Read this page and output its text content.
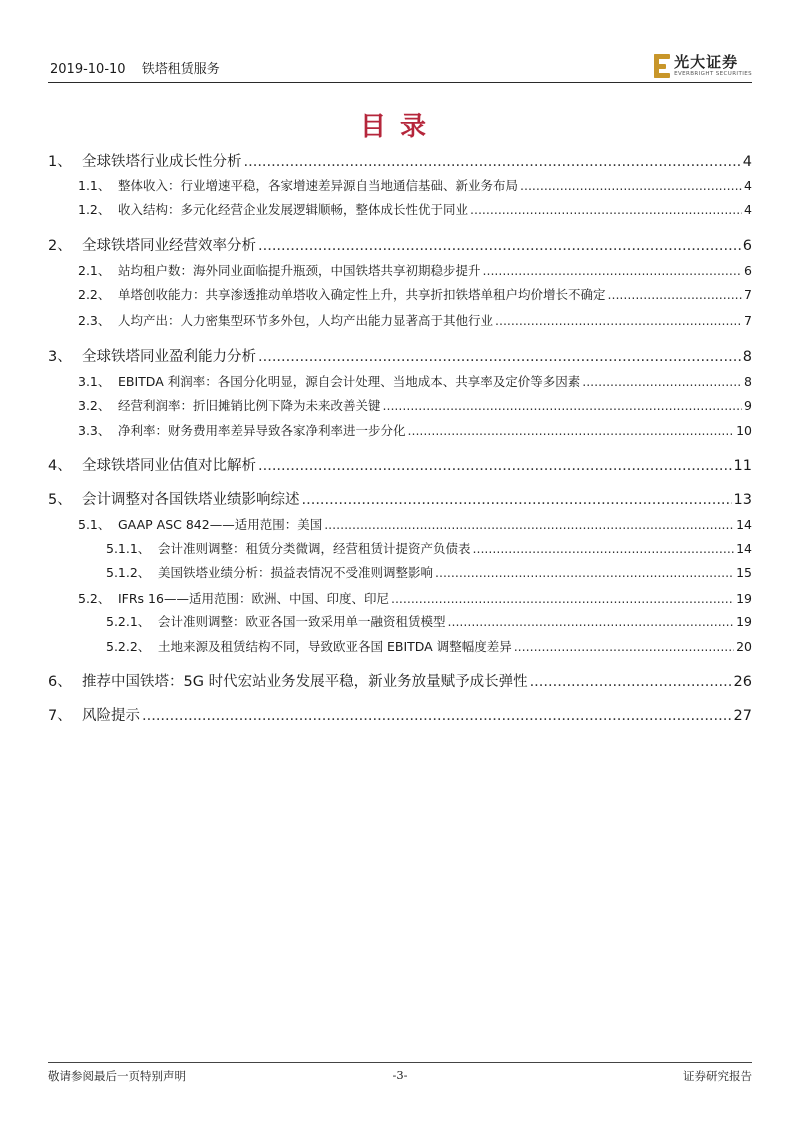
2019-10-10 铁塔租赁服务	光大证券
EVERBRIGHT SECURITIES
目录
1、 全球铁塔行业成长性分析 .....	4
1.1、 整体收入：行业增速平稳，各家增速差异源自当地通信基础、新业务布局 .....	4
1.2、 收入结构：多元化经营企业发展逻辑顺畅，整体成长性优于同业 .....	4
2、 全球铁塔同业经营效率分析 .....	6
2.1、 站均租户数：海外同业面临提升瓶颈，中国铁塔共享初期稳步提升 .....	6
2.2、 单塔创收能力：共享渗透推动单塔收入确定性上升，共享折扣铁塔单租户均价增长不确定 .....	7
2.3、 人均产出：人力密集型环节多外包，人均产出能力显著高于其他行业 .....	7
3、 全球铁塔同业盈利能力分析 .....	8
3.1、 EBITDA 利润率：各国分化明显，源自会计处理、当地成本、共享率及定价等多因素 .....	8
3.2、 经营利润率：折旧摊销比例下降为未来改善关键 .....	9
3.3、 净利率：财务费用率差异导致各家净利率进一步分化 .....	10
4、 全球铁塔同业估值对比解析 .....	11
5、 会计调整对各国铁塔业绩影响综述 .....	13
5.1、 GAAP ASC 842——适用范围：美国 .....	14
5.1.1、 会计准则调整：租赁分类微调，经营租赁计提资产负债表 .....	14
5.1.2、 美国铁塔业绩分析：损益表情况不受准则调整影响 .....	15
5.2、 IFRs 16——适用范围：欧洲、中国、印度、印尼 .....	19
5.2.1、 会计准则调整：欧亚各国一致采用单一融资租赁模型 .....	19
5.2.2、 土地来源及租赁结构不同，导致欧亚各国 EBITDA 调整幅度差异 .....	20
6、 推荐中国铁塔：5G 时代宏站业务发展平稳，新业务放量赋予成长弹性 .....	26
7、 风险提示 .....	27
敬请参阅最后一页特别声明	-3-	证券研究报告
